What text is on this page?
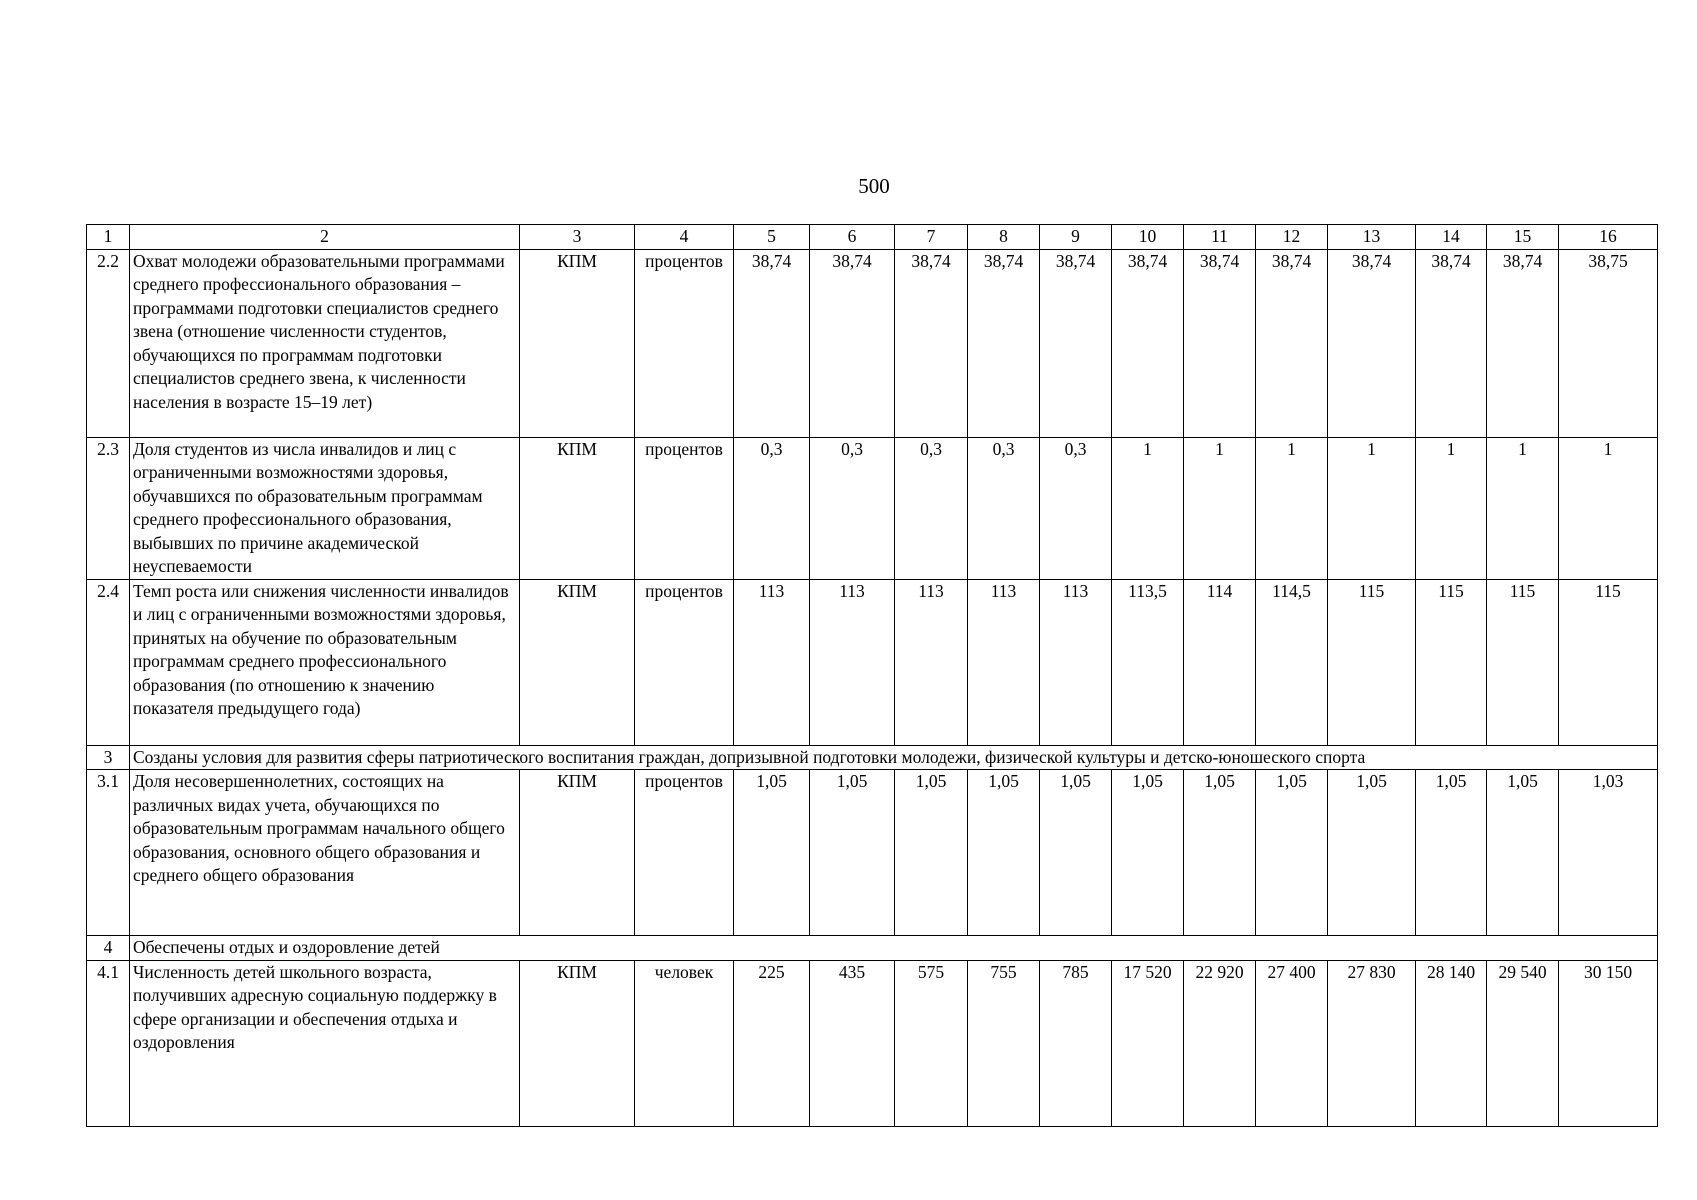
500
1	2	3	4	5	6	7	8	9	10	11	12	13	14	15	16
2.2	Охват молодежи образовательными программами среднего профессионального образования – программами подготовки специалистов среднего звена (отношение численности студентов, обучающихся по программам подготовки специалистов среднего звена, к численности населения в возрасте 15–19 лет)	КПМ	процентов	38,74	38,74	38,74	38,74	38,74	38,74	38,74	38,74	38,74	38,74	38,74	38,75
2.3	Доля студентов из числа инвалидов и лиц с ограниченными возможностями здоровья, обучавшихся по образовательным программам среднего профессионального образования, выбывших по причине академической неуспеваемости	КПМ	процентов	0,3	0,3	0,3	0,3	0,3	1	1	1	1	1	1	1
2.4	Темп роста или снижения численности инвалидов и лиц с ограниченными возможностями здоровья, принятых на обучение по образовательным программам среднего профессионального образования (по отношению к значению показателя предыдущего года)	КПМ	процентов	113	113	113	113	113	113,5	114	114,5	115	115	115	115
3	Созданы условия для развития сферы патриотического воспитания граждан, допризывной подготовки молодежи, физической культуры и детско-юношеского спорта														
3.1	Доля несовершеннолетних, состоящих на различных видах учета, обучающихся по образовательным программам начального общего образования, основного общего образования и среднего общего образования	КПМ	процентов	1,05	1,05	1,05	1,05	1,05	1,05	1,05	1,05	1,05	1,05	1,05	1,03
4	Обеспечены отдых и оздоровление детей														
4.1	Численность детей школьного возраста, получивших адресную социальную поддержку в сфере организации и обеспечения отдыха и оздоровления	КПМ	человек	225	435	575	755	785	17 520	22 920	27 400	27 830	28 140	29 540	30 150
